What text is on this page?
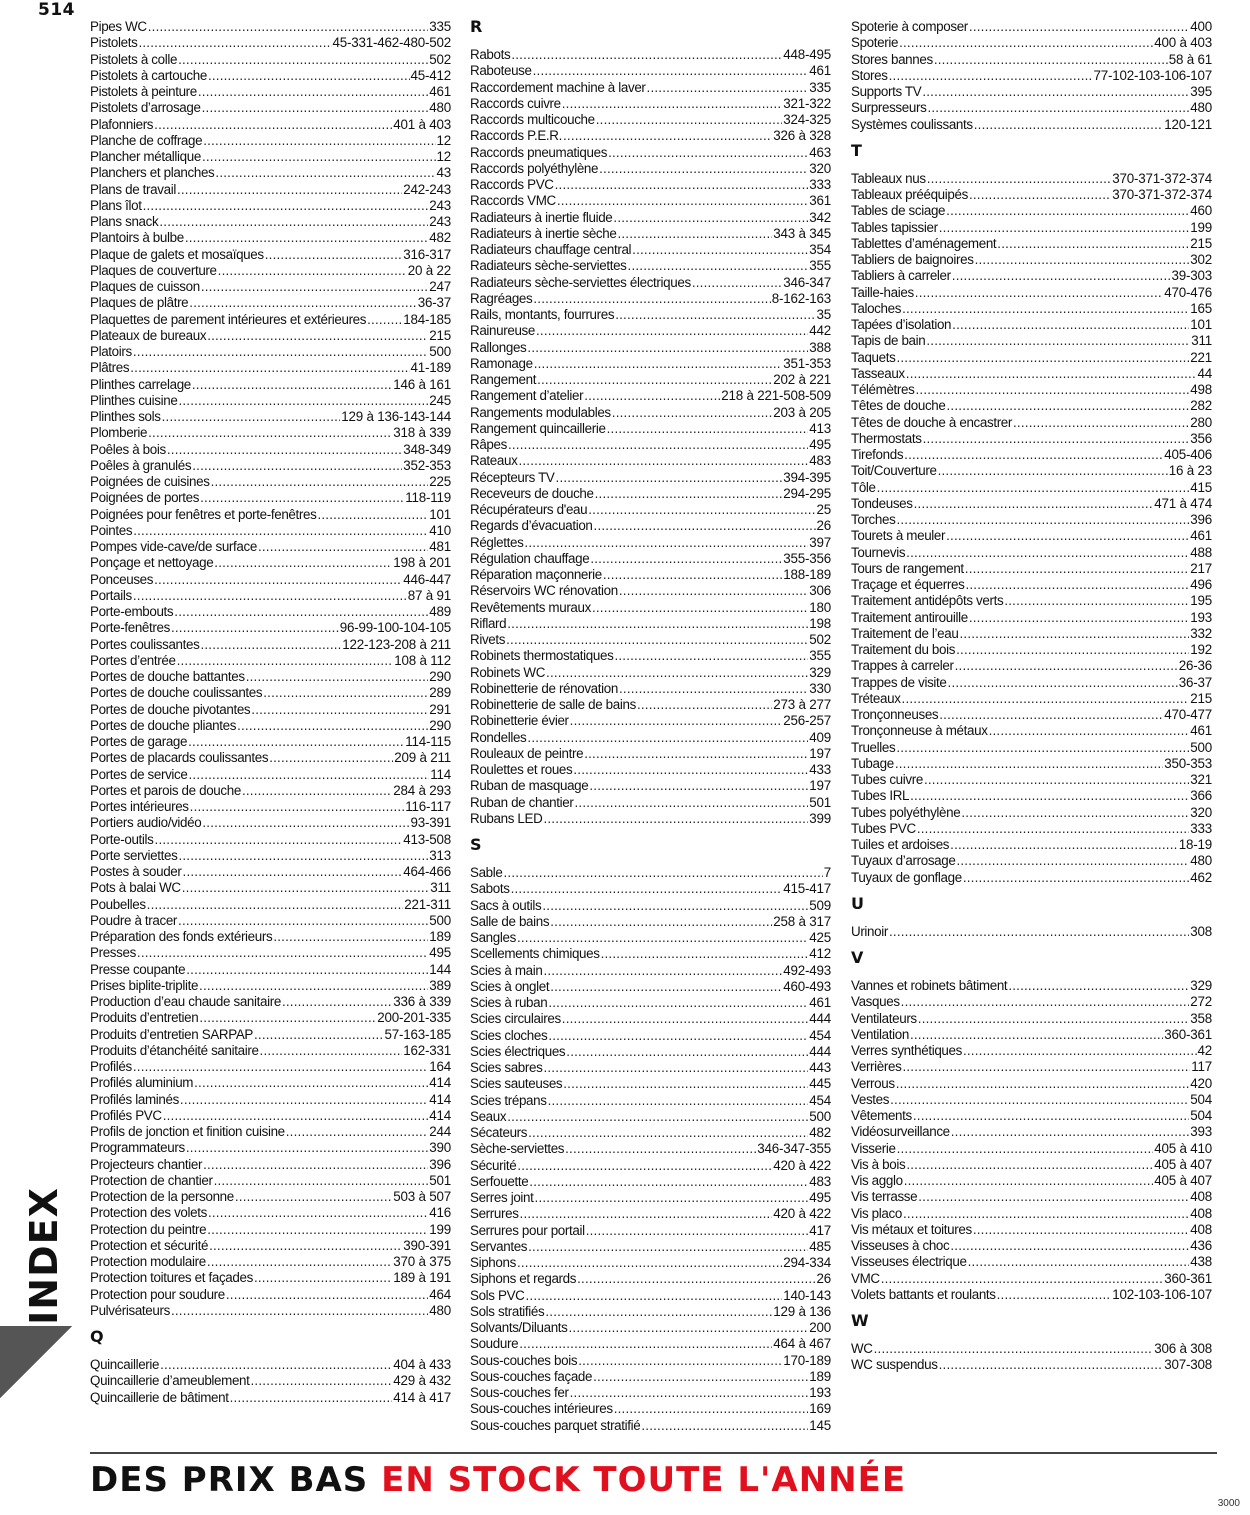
514
INDEX
Pipes WC .....	335
Pistolets .....	45-331-462-480-502
Pistolets à colle .....	502
Pistolets à cartouche .....	45-412
Pistolets à peinture .....	461
Pistolets d’arrosage .....	480
Plafonniers .....	401 à 403
Planche de coffrage .....	12
Plancher métallique .....	12
Planchers et planches .....	43
Plans de travail .....	242-243
Plans îlot .....	243
Plans snack .....	243
Plantoirs à bulbe .....	482
Plaque de galets et mosaïques .....	316-317
Plaques de couverture .....	20 à 22
Plaques de cuisson .....	247
Plaques de plâtre .....	36-37
Plaquettes de parement intérieures et extérieures .....	184-185
Plateaux de bureaux .....	215
Platoirs .....	500
Plâtres .....	41-189
Plinthes carrelage .....	146 à 161
Plinthes cuisine .....	245
Plinthes sols .....	129 à 136-143-144
Plomberie .....	318 à 339
Poêles à bois .....	348-349
Poêles à granulés .....	352-353
Poignées de cuisines .....	225
Poignées de portes .....	118-119
Poignées pour fenêtres et porte-fenêtres .....	101
Pointes .....	410
Pompes vide-cave/de surface .....	481
Ponçage et nettoyage .....	198 à 201
Ponceuses .....	446-447
Portails .....	87 à 91
Porte-embouts .....	489
Porte-fenêtres .....	96-99-100-104-105
Portes coulissantes .....	122-123-208 à 211
Portes d’entrée .....	108 à 112
Portes de douche battantes .....	290
Portes de douche coulissantes .....	289
Portes de douche pivotantes .....	291
Portes de douche pliantes .....	290
Portes de garage .....	114-115
Portes de placards coulissantes .....	209 à 211
Portes de service .....	114
Portes et parois de douche .....	284 à 293
Portes intérieures .....	116-117
Portiers audio/vidéo .....	93-391
Porte-outils .....	413-508
Porte serviettes .....	313
Postes à souder .....	464-466
Pots à balai WC .....	311
Poubelles .....	221-311
Poudre à tracer .....	500
Préparation des fonds extérieurs .....	189
Presses .....	495
Presse coupante .....	144
Prises biplite-triplite .....	389
Production d’eau chaude sanitaire .....	336 à 339
Produits d’entretien .....	200-201-335
Produits d’entretien SARPAP .....	57-163-185
Produits d’étanchéité sanitaire .....	162-331
Profilés .....	164
Profilés aluminium .....	414
Profilés laminés .....	414
Profilés PVC .....	414
Profils de jonction et finition cuisine .....	244
Programmateurs .....	390
Projecteurs chantier .....	396
Protection de chantier .....	501
Protection de la personne .....	503 à 507
Protection des volets .....	416
Protection du peintre .....	199
Protection et sécurité .....	390-391
Protection modulaire .....	370 à 375
Protection toitures et façades .....	189 à 191
Protection pour soudure .....	464
Pulvérisateurs .....	480
Q
Quincaillerie .....	404 à 433
Quincaillerie d’ameublement .....	429 à 432
Quincaillerie de bâtiment .....	414 à 417
R
Rabots .....	448-495
Raboteuse .....	461
Raccordement machine à laver .....	335
Raccords cuivre .....	321-322
Raccords multicouche .....	324-325
Raccords P.E.R. .....	326 à 328
Raccords pneumatiques .....	463
Raccords polyéthylène .....	320
Raccords PVC .....	333
Raccords VMC .....	361
Radiateurs à inertie fluide .....	342
Radiateurs à inertie sèche .....	343 à 345
Radiateurs chauffage central .....	354
Radiateurs sèche-serviettes .....	355
Radiateurs sèche-serviettes électriques .....	346-347
Ragréages .....	8-162-163
Rails, montants, fourrures .....	35
Rainureuse .....	442
Rallonges .....	388
Ramonage .....	351-353
Rangement .....	202 à 221
Rangement d’atelier .....	218 à 221-508-509
Rangements modulables .....	203 à 205
Rangement quincaillerie .....	413
Râpes .....	495
Rateaux .....	483
Récepteurs TV .....	394-395
Receveurs de douche .....	294-295
Récupérateurs d'eau .....	25
Regards d’évacuation .....	26
Réglettes .....	397
Régulation chauffage .....	355-356
Réparation maçonnerie .....	188-189
Réservoirs WC rénovation .....	306
Revêtements muraux .....	180
Riflard .....	198
Rivets .....	502
Robinets thermostatiques .....	355
Robinets WC .....	329
Robinetterie de rénovation .....	330
Robinetterie de salle de bains .....	273 à 277
Robinetterie évier .....	256-257
Rondelles .....	409
Rouleaux de peintre .....	197
Roulettes et roues .....	433
Ruban de masquage .....	197
Ruban de chantier .....	501
Rubans LED .....	399
S
Sable .....	7
Sabots .....	415-417
Sacs à outils .....	509
Salle de bains .....	258 à 317
Sangles .....	425
Scellements chimiques .....	412
Scies à main .....	492-493
Scies à onglet .....	460-493
Scies à ruban .....	461
Scies circulaires .....	444
Scies cloches .....	454
Scies électriques .....	444
Scies sabres .....	443
Scies sauteuses .....	445
Scies trépans .....	454
Seaux .....	500
Sécateurs .....	482
Sèche-serviettes .....	346-347-355
Sécurité .....	420 à 422
Serfouette .....	483
Serres joint .....	495
Serrures .....	420 à 422
Serrures pour portail .....	417
Servantes .....	485
Siphons .....	294-334
Siphons et regards .....	26
Sols PVC .....	140-143
Sols stratifiés .....	129 à 136
Solvants/Diluants .....	200
Soudure .....	464 à 467
Sous-couches bois .....	170-189
Sous-couches façade .....	189
Sous-couches fer .....	193
Sous-couches intérieures .....	169
Sous-couches parquet stratifié .....	145
Spoterie à composer .....	400
Spoterie .....	400 à 403
Stores bannes .....	58 à 61
Stores .....	77-102-103-106-107
Supports TV .....	395
Surpresseurs .....	480
Systèmes coulissants .....	120-121
T
Tableaux nus .....	370-371-372-374
Tableaux prééquipés .....	370-371-372-374
Tables de sciage .....	460
Tables tapissier .....	199
Tablettes d’aménagement .....	215
Tabliers de baignoires .....	302
Tabliers à carreler .....	39-303
Taille-haies .....	470-476
Taloches .....	165
Tapées d’isolation .....	101
Tapis de bain .....	311
Taquets .....	221
Tasseaux .....	44
Télémètres .....	498
Têtes de douche .....	282
Têtes de douche à encastrer .....	280
Thermostats .....	356
Tirefonds .....	405-406
Toit/Couverture .....	16 à 23
Tôle .....	415
Tondeuses .....	471 à 474
Torches .....	396
Tourets à meuler .....	461
Tournevis .....	488
Tours de rangement .....	217
Traçage et équerres .....	496
Traitement antidépôts verts .....	195
Traitement antirouille .....	193
Traitement de l’eau .....	332
Traitement du bois .....	192
Trappes à carreler .....	26-36
Trappes de visite .....	36-37
Tréteaux .....	215
Tronçonneuses .....	470-477
Tronçonneuse à métaux .....	461
Truelles .....	500
Tubage .....	350-353
Tubes cuivre .....	321
Tubes IRL .....	366
Tubes polyéthylène .....	320
Tubes PVC .....	333
Tuiles et ardoises .....	18-19
Tuyaux d’arrosage .....	480
Tuyaux de gonflage .....	462
U
Urinoir .....	308
V
Vannes et robinets bâtiment .....	329
Vasques .....	272
Ventilateurs .....	358
Ventilation .....	360-361
Verres synthétiques .....	42
Verrières .....	117
Verrous .....	420
Vestes .....	504
Vêtements .....	504
Vidéosurveillance .....	393
Visserie .....	405 à 410
Vis à bois .....	405 à 407
Vis agglo .....	405 à 407
Vis terrasse .....	408
Vis placo .....	408
Vis métaux et toitures .....	408
Visseuses à choc .....	436
Visseuses électrique .....	438
VMC .....	360-361
Volets battants et roulants .....	102-103-106-107
W
WC .....	306 à 308
WC suspendus .....	307-308
DES PRIX BAS EN STOCK TOUTE L'ANNÉE
3000
